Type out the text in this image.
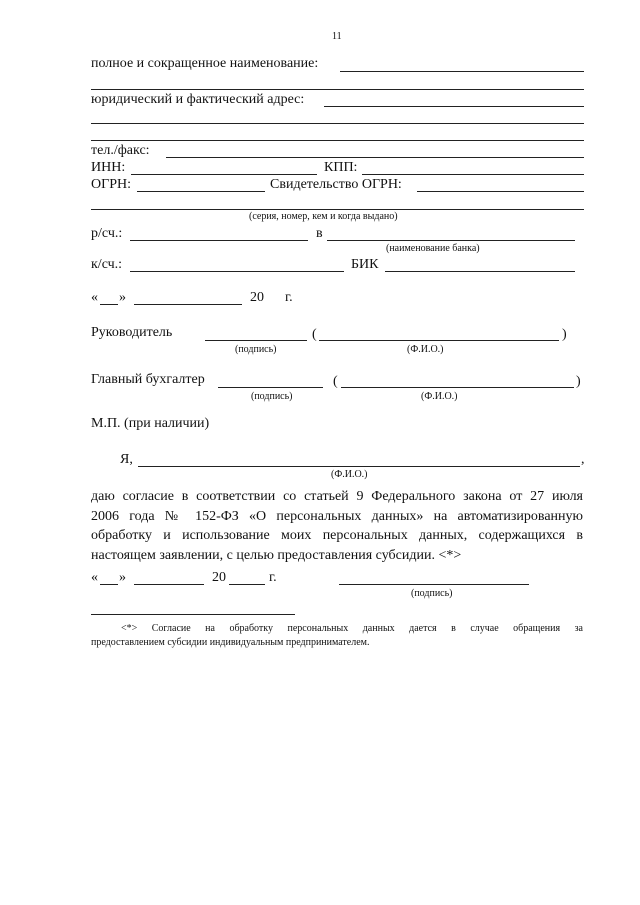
11
полное и сокращенное наименование:
юридический и фактический адрес:
тел./факс:
ИНН:	КПП:
ОГРН:	Свидетельство ОГРН:
(серия, номер, кем и когда выдано)
р/сч.:	в
(наименование банка)
к/сч.:	БИК
« »	20 г.
Руководитель	(	)
(подпись)	(Ф.И.О.)
Главный бухгалтер	(	)
(подпись)	(Ф.И.О.)
М.П. (при наличии)
Я,	,
(Ф.И.О.)
даю согласие в соответствии со статьей 9 Федерального закона от 27 июля
2006 года № 152-ФЗ «О персональных данных» на автоматизированную
обработку и использование моих персональных данных, содержащихся в
настоящем заявлении, с целью предоставления субсидии. <*>
« »	20	г.
(подпись)
<*> Согласие на обработку персональных данных дается в случае обращения за
предоставлением субсидии индивидуальным предпринимателем.
